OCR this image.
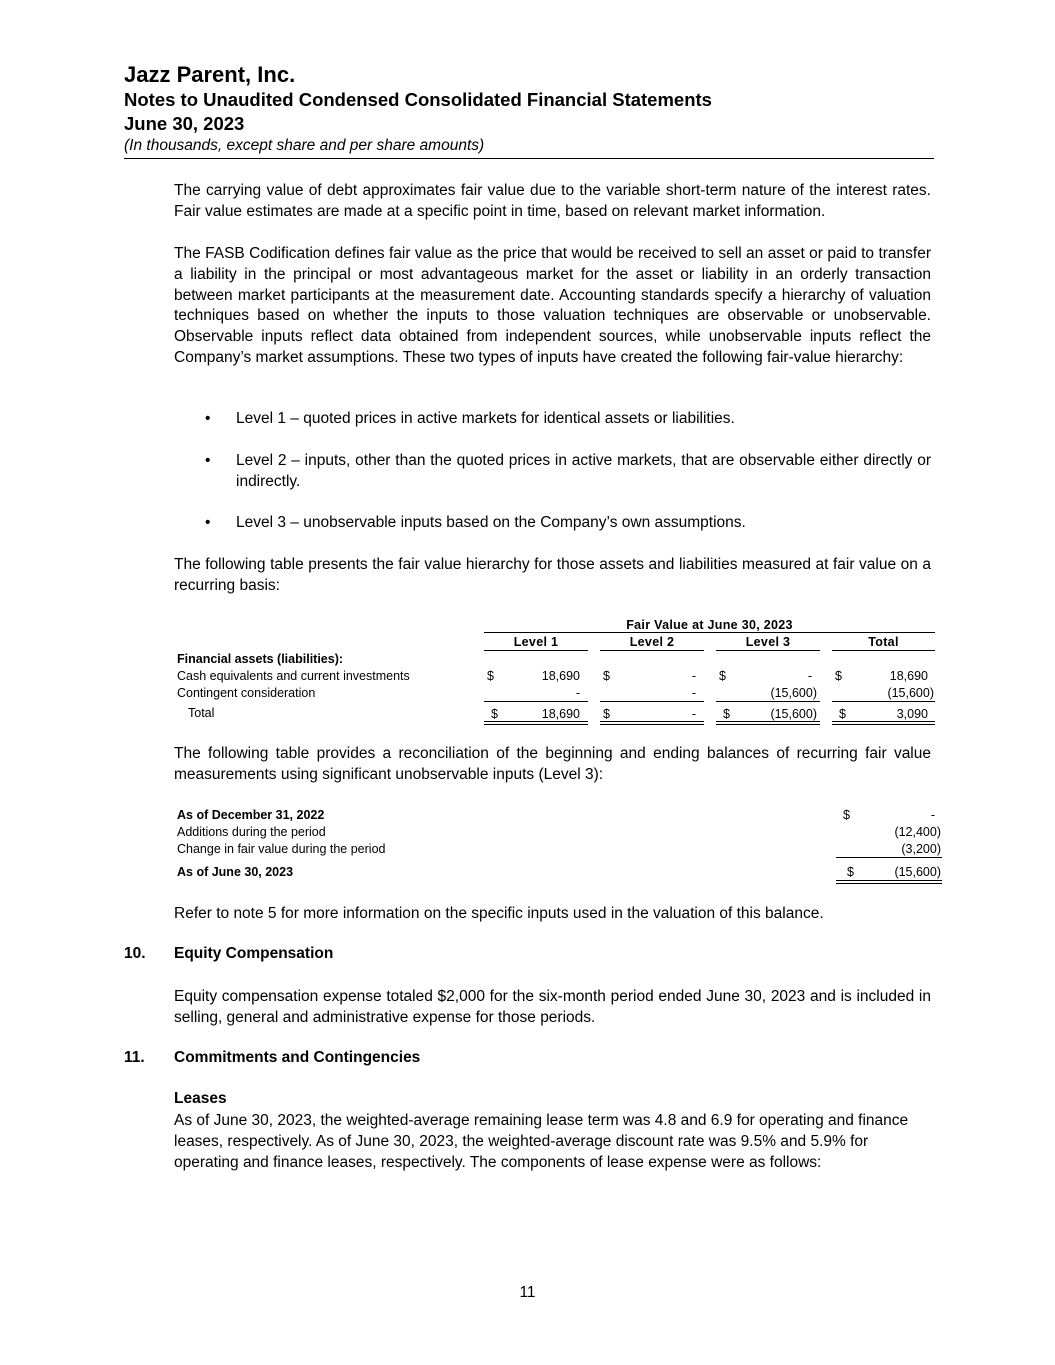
Jazz Parent, Inc.

Notes to Unaudited Condensed Consolidated Financial Statements

June 30, 2023

(In thousands, except share and per share amounts)

The carrying value of debt approximates fair value due to the variable short-term nature of the interest rates. Fair value estimates are made at a specific point in time, based on relevant market information.

The FASB Codification defines fair value as the price that would be received to sell an asset or paid to transfer a liability in the principal or most advantageous market for the asset or liability in an orderly transaction between market participants at the measurement date. Accounting standards specify a hierarchy of valuation techniques based on whether the inputs to those valuation techniques are observable or unobservable. Observable inputs reflect data obtained from independent sources, while unobservable inputs reflect the Company’s market assumptions. These two types of inputs have created the following fair-value hierarchy:

• Level 1 – quoted prices in active markets for identical assets or liabilities.
• Level 2 – inputs, other than the quoted prices in active markets, that are observable either directly or indirectly.
• Level 3 – unobservable inputs based on the Company’s own assumptions.

The following table presents the fair value hierarchy for those assets and liabilities measured at fair value on a recurring basis:

Fair Value at June 30, 2023
Level 1	Level 2	Level 3	Total
Financial assets (liabilities):
Cash equivalents and current investments	$	18,690 $	- $	- $	18,690
Contingent consideration	-	-	(15,600)	(15,600)
Total	$	18,690 $	- $	(15,600) $	3,090

The following table provides a reconciliation of the beginning and ending balances of recurring fair value measurements using significant unobservable inputs (Level 3):

As of December 31, 2022	$	-
Additions during the period	(12,400)
Change in fair value during the period	(3,200)
As of June 30, 2023	$	(15,600)

Refer to note 5 for more information on the specific inputs used in the valuation of this balance.

10. Equity Compensation

Equity compensation expense totaled $2,000 for the six-month period ended June 30, 2023 and is included in selling, general and administrative expense for those periods.

11. Commitments and Contingencies
Leases

As of June 30, 2023, the weighted-average remaining lease term was 4.8 and 6.9 for operating and finance leases, respectively. As of June 30, 2023, the weighted-average discount rate was 9.5% and 5.9% for operating and finance leases, respectively. The components of lease expense were as follows:

11
